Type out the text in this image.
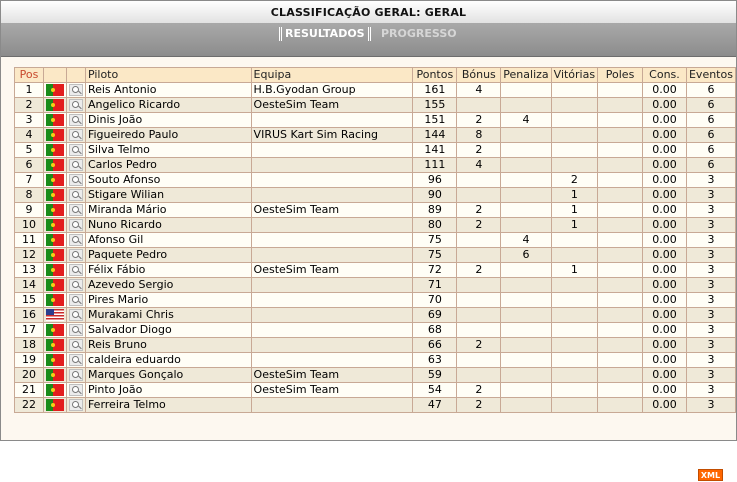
CLASSIFICAÇÃO GERAL: GERAL
RESULTADOS	PROGRESSO
Pos			Piloto	Equipa	Pontos	Bónus	Penaliza	Vitórias	Poles	Cons.	Eventos
1			Reis Antonio	H.B.Gyodan Group	161	4				0.00	6
2			Angelico Ricardo	OesteSim Team	155					0.00	6
3			Dinis João		151	2	4			0.00	6
4			Figueiredo Paulo	VIRUS Kart Sim Racing	144	8				0.00	6
5			Silva Telmo		141	2				0.00	6
6			Carlos Pedro		111	4				0.00	6
7			Souto Afonso		96			2		0.00	3
8			Stigare Wilian		90			1		0.00	3
9			Miranda Mário	OesteSim Team	89	2		1		0.00	3
10			Nuno Ricardo		80	2		1		0.00	3
11			Afonso Gil		75		4			0.00	3
12			Paquete Pedro		75		6			0.00	3
13			Félix Fábio	OesteSim Team	72	2		1		0.00	3
14			Azevedo Sergio		71					0.00	3
15			Pires Mario		70					0.00	3
16			Murakami Chris		69					0.00	3
17			Salvador Diogo		68					0.00	3
18			Reis Bruno		66	2				0.00	3
19			caldeira eduardo		63					0.00	3
20			Marques Gonçalo	OesteSim Team	59					0.00	3
21			Pinto João	OesteSim Team	54	2				0.00	3
22			Ferreira Telmo		47	2				0.00	3
XML
